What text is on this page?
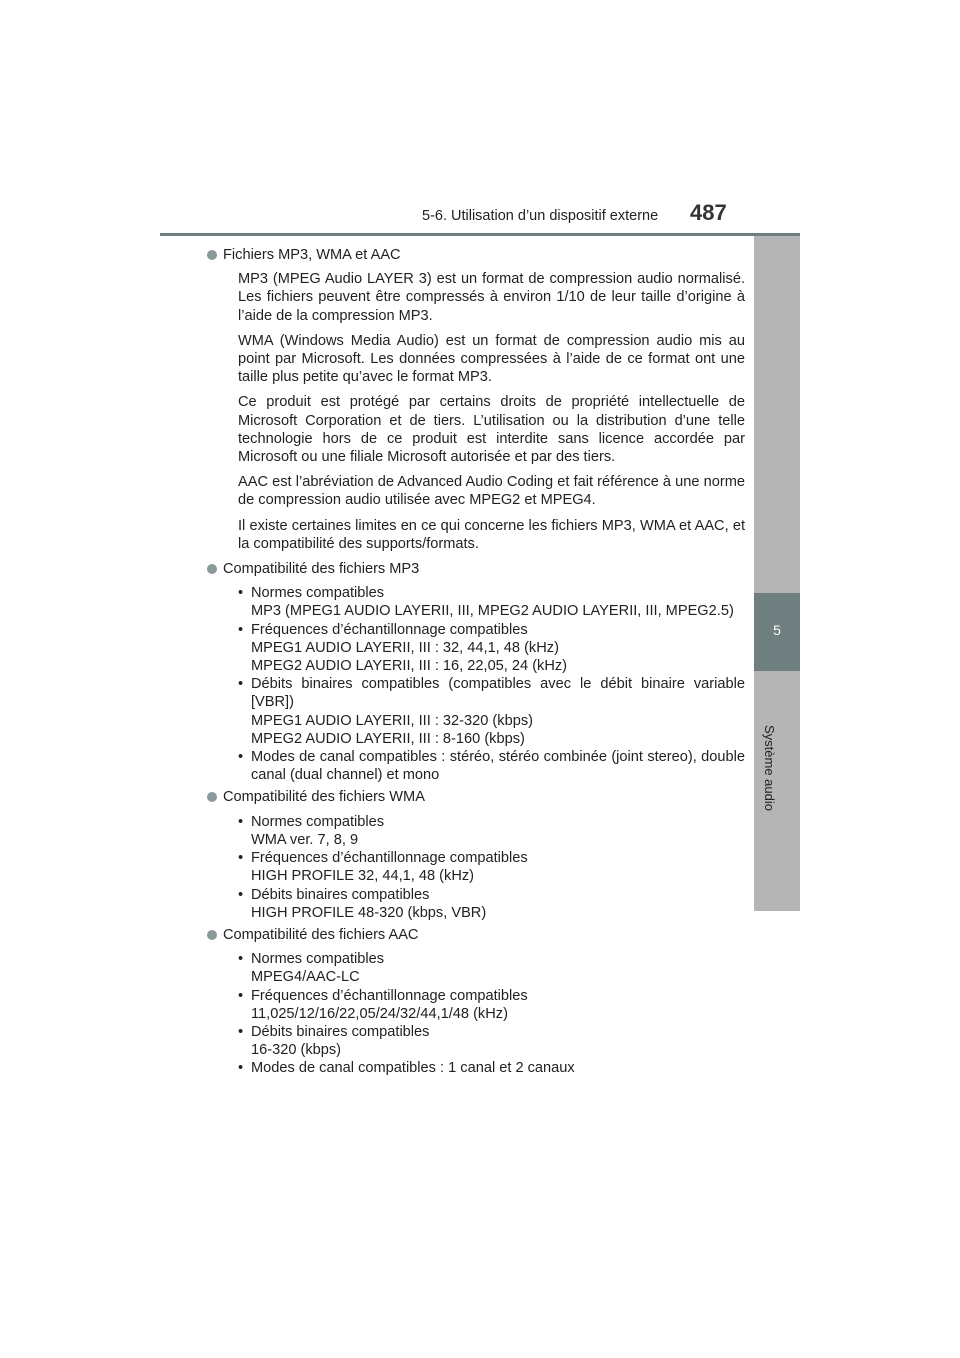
5-6. Utilisation d’un dispositif externe 487
5
Système audio
Fichiers MP3, WMA et AAC

MP3 (MPEG Audio LAYER 3) est un format de compression audio normalisé. Les fichiers peuvent être compressés à environ 1/10 de leur taille d’origine à l’aide de la compression MP3.

WMA (Windows Media Audio) est un format de compression audio mis au point par Microsoft. Les données compressées à l’aide de ce format ont une taille plus petite qu’avec le format MP3.

Ce produit est protégé par certains droits de propriété intellectuelle de Microsoft Corporation et de tiers. L’utilisation ou la distribution d’une telle technologie hors de ce produit est interdite sans licence accordée par Microsoft ou une filiale Microsoft autorisée et par des tiers.

AAC est l’abréviation de Advanced Audio Coding et fait référence à une norme de compression audio utilisée avec MPEG2 et MPEG4.

Il existe certaines limites en ce qui concerne les fichiers MP3, WMA et AAC, et la compatibilité des supports/formats.

Compatibilité des fichiers MP3
• Normes compatibles
MP3 (MPEG1 AUDIO LAYERII, III, MPEG2 AUDIO LAYERII, III, MPEG2.5)
• Fréquences d’échantillonnage compatibles
MPEG1 AUDIO LAYERII, III : 32, 44,1, 48 (kHz)
MPEG2 AUDIO LAYERII, III : 16, 22,05, 24 (kHz)
• Débits binaires compatibles (compatibles avec le débit binaire variable [VBR])
MPEG1 AUDIO LAYERII, III : 32-320 (kbps)
MPEG2 AUDIO LAYERII, III : 8-160 (kbps)
• Modes de canal compatibles : stéréo, stéréo combinée (joint stereo), double canal (dual channel) et mono
Compatibilité des fichiers WMA
• Normes compatibles
WMA ver. 7, 8, 9
• Fréquences d’échantillonnage compatibles
HIGH PROFILE 32, 44,1, 48 (kHz)
• Débits binaires compatibles
HIGH PROFILE 48-320 (kbps, VBR)
Compatibilité des fichiers AAC
• Normes compatibles
MPEG4/AAC-LC
• Fréquences d’échantillonnage compatibles
11,025/12/16/22,05/24/32/44,1/48 (kHz)
• Débits binaires compatibles
16-320 (kbps)
• Modes de canal compatibles : 1 canal et 2 canaux
